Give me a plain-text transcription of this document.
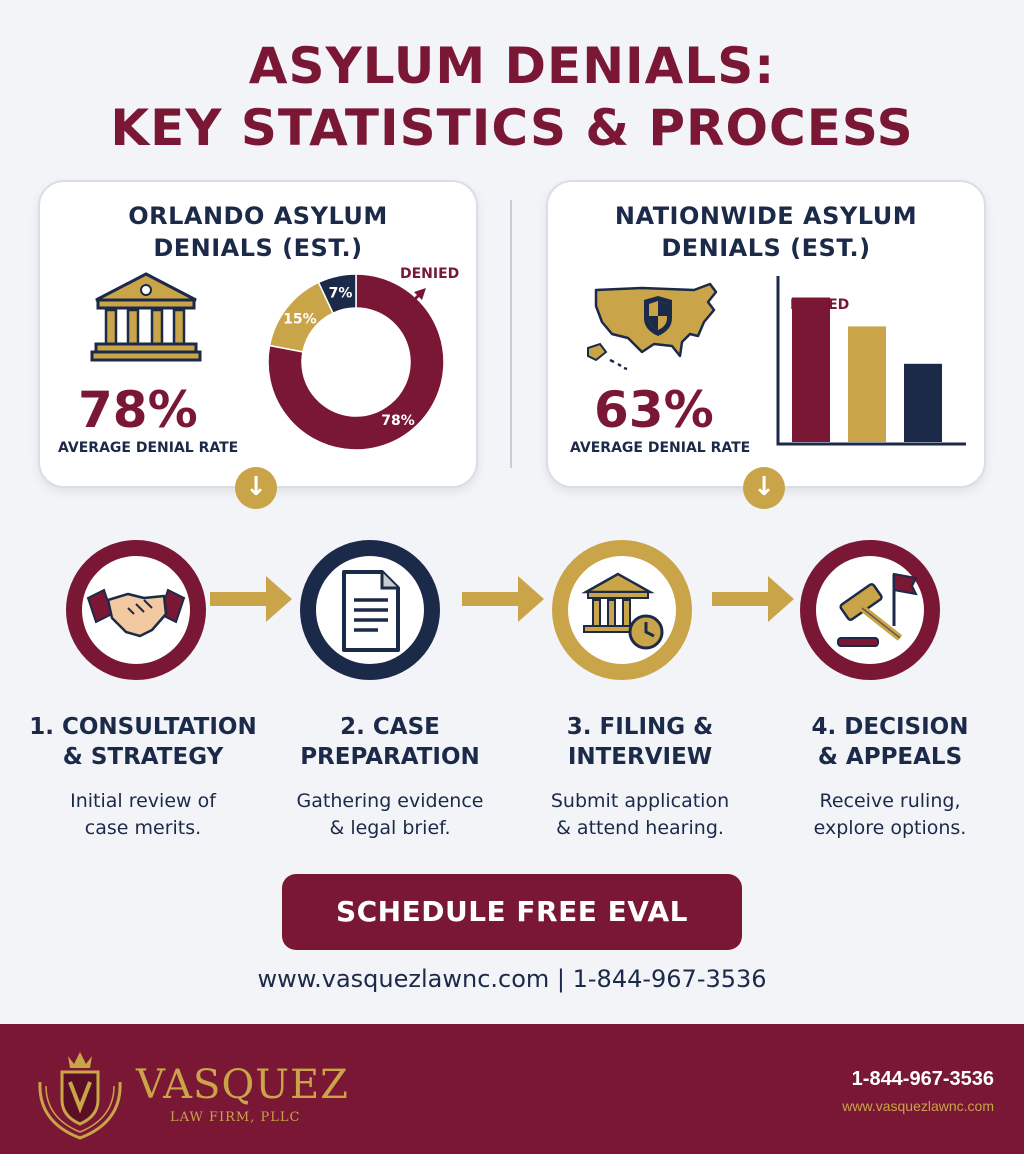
ASYLUM DENIALS:
KEY STATISTICS & PROCESS
ORLANDO ASYLUM
DENIALS (EST.)
78%
AVERAGE DENIAL RATE
78%
15%
7%
DENIED
NATIONWIDE ASYLUM
DENIALS (EST.)
63%
AVERAGE DENIAL RATE
DENIED
↓	↓
1. CONSULTATION
& STRATEGY
Initial review of
case merits.
2. CASE
PREPARATION
Gathering evidence
& legal brief.
3. FILING &
INTERVIEW
Submit application
& attend hearing.
4. DECISION
& APPEALS
Receive ruling,
explore options.
SCHEDULE FREE EVAL
www.vasquezlawnc.com | 1-844-967-3536
VASQUEZ
LAW FIRM, PLLC
1-844-967-3536
www.vasquezlawnc.com
